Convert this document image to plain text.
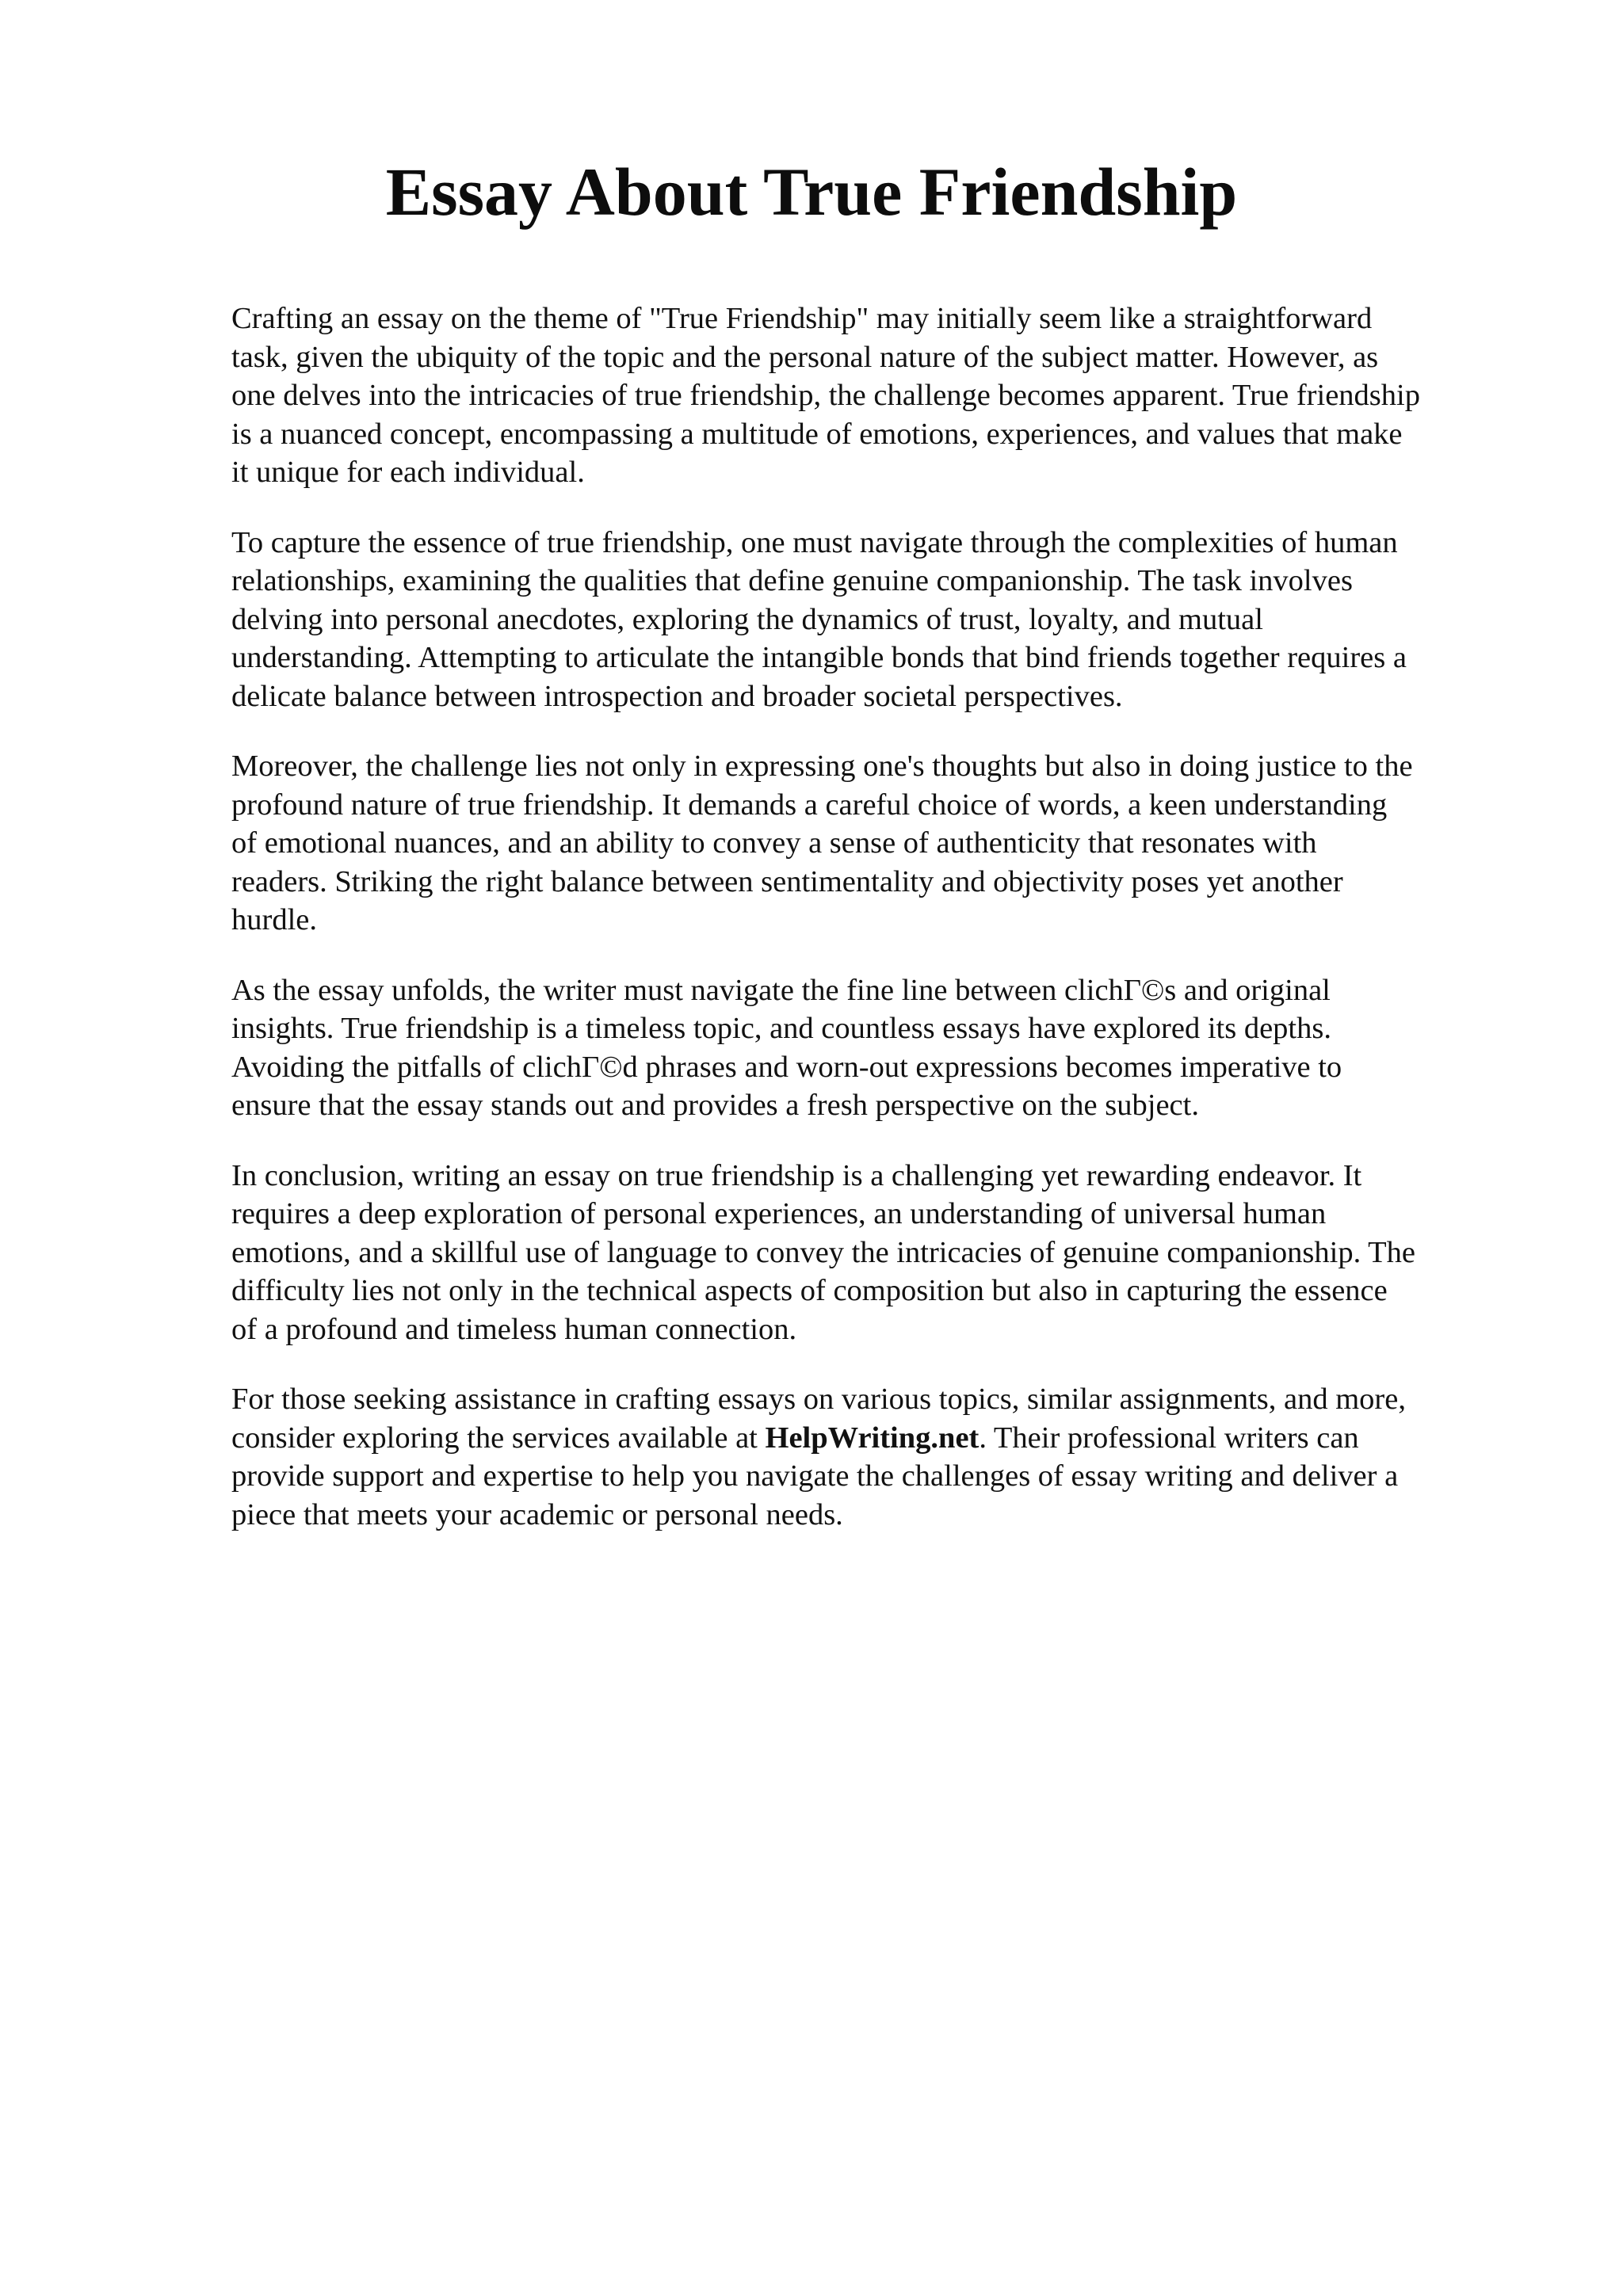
Essay About True Friendship

Crafting an essay on the theme of "True Friendship" may initially seem like a straightforward
task, given the ubiquity of the topic and the personal nature of the subject matter. However, as
one delves into the intricacies of true friendship, the challenge becomes apparent. True friendship
is a nuanced concept, encompassing a multitude of emotions, experiences, and values that make
it unique for each individual.

To capture the essence of true friendship, one must navigate through the complexities of human
relationships, examining the qualities that define genuine companionship. The task involves
delving into personal anecdotes, exploring the dynamics of trust, loyalty, and mutual
understanding. Attempting to articulate the intangible bonds that bind friends together requires a
delicate balance between introspection and broader societal perspectives.

Moreover, the challenge lies not only in expressing one's thoughts but also in doing justice to the
profound nature of true friendship. It demands a careful choice of words, a keen understanding
of emotional nuances, and an ability to convey a sense of authenticity that resonates with
readers. Striking the right balance between sentimentality and objectivity poses yet another
hurdle.

As the essay unfolds, the writer must navigate the fine line between clichΓ©s and original
insights. True friendship is a timeless topic, and countless essays have explored its depths.
Avoiding the pitfalls of clichΓ©d phrases and worn-out expressions becomes imperative to
ensure that the essay stands out and provides a fresh perspective on the subject.

In conclusion, writing an essay on true friendship is a challenging yet rewarding endeavor. It
requires a deep exploration of personal experiences, an understanding of universal human
emotions, and a skillful use of language to convey the intricacies of genuine companionship. The
difficulty lies not only in the technical aspects of composition but also in capturing the essence
of a profound and timeless human connection.

For those seeking assistance in crafting essays on various topics, similar assignments, and more,
consider exploring the services available at HelpWriting.net. Their professional writers can
provide support and expertise to help you navigate the challenges of essay writing and deliver a
piece that meets your academic or personal needs.
